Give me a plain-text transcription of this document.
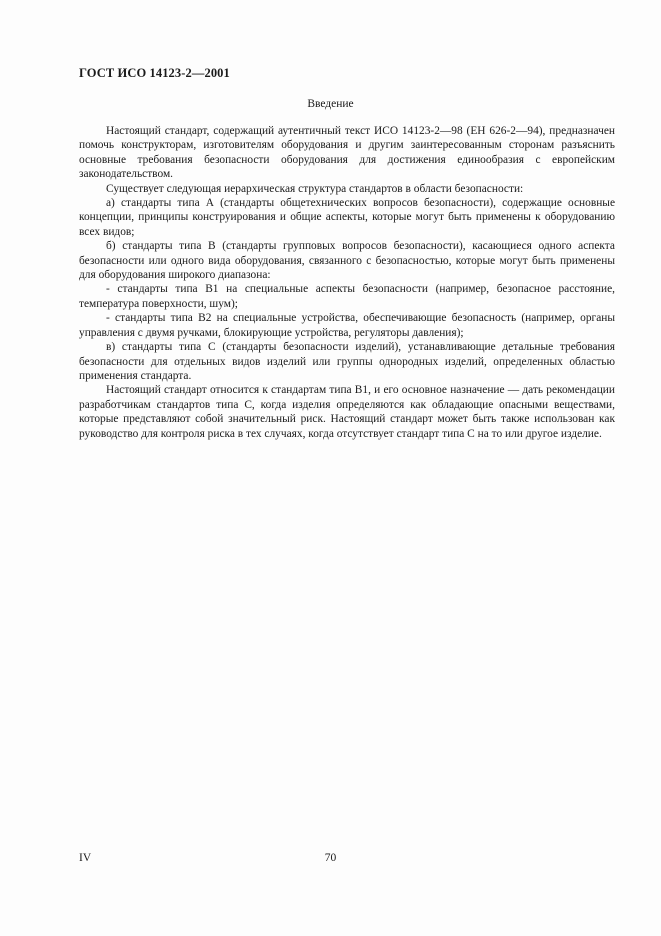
ГОСТ ИСО 14123-2—2001
Введение

Настоящий стандарт, содержащий аутентичный текст ИСО 14123-2—98 (ЕН 626-2—94), предназначен помочь конструкторам, изготовителям оборудования и другим заинтересованным сторонам разъяснить основные требования безопасности оборудования для достижения единообразия с европейским законодательством.

Существует следующая иерархическая структура стандартов в области безопасности:

а) стандарты типа А (стандарты общетехнических вопросов безопасности), содержащие основные концепции, принципы конструирования и общие аспекты, которые могут быть применены к оборудованию всех видов;

б) стандарты типа В (стандарты групповых вопросов безопасности), касающиеся одного аспекта безопасности или одного вида оборудования, связанного с безопасностью, которые могут быть применены для оборудования широкого диапазона:

- стандарты типа В1 на специальные аспекты безопасности (например, безопасное расстояние, температура поверхности, шум);

- стандарты типа В2 на специальные устройства, обеспечивающие безопасность (например, органы управления с двумя ручками, блокирующие устройства, регуляторы давления);

в) стандарты типа С (стандарты безопасности изделий), устанавливающие детальные требования безопасности для отдельных видов изделий или группы однородных изделий, определенных областью применения стандарта.

Настоящий стандарт относится к стандартам типа В1, и его основное назначение — дать рекомендации разработчикам стандартов типа С, когда изделия определяются как обладающие опасными веществами, которые представляют собой значительный риск. Настоящий стандарт может быть также использован как руководство для контроля риска в тех случаях, когда отсутствует стандарт типа С на то или другое изделие.

IV	70
